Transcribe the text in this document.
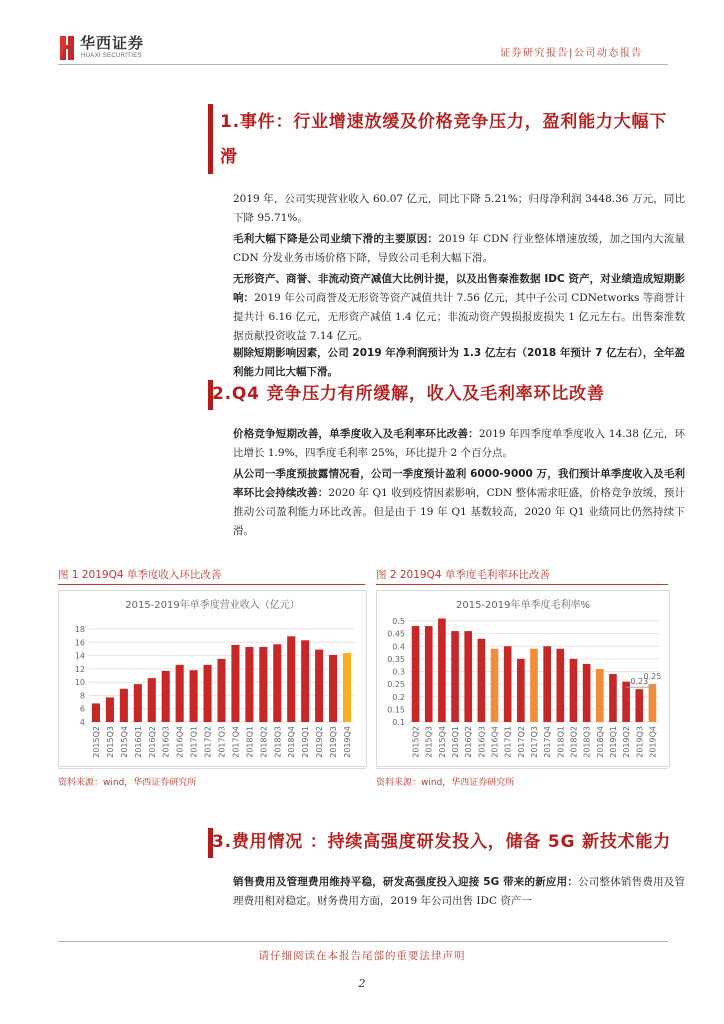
华西证券
HUAXI SECURITIES	证券研究报告|公司动态报告
1.事件：行业增速放缓及价格竞争压力，盈利能力大幅下
滑
2019 年，公司实现营业收入 60.07 亿元，同比下降 5.21%；归母净利润 3448.36 万元，同比下降 95.71%。
毛利大幅下降是公司业绩下滑的主要原因：2019 年 CDN 行业整体增速放缓，加之国内大流量 CDN 分发业务市场价格下降，导致公司毛利大幅下滑。
无形资产、商誉、非流动资产减值大比例计提，以及出售秦淮数据 IDC 资产，对业绩造成短期影响：2019 年公司商誉及无形资等资产减值共计 7.56 亿元，其中子公司 CDNetworks 等商誉计提共计 6.16 亿元，无形资产减值 1.4 亿元；非流动资产毁损报废损失 1 亿元左右。出售秦淮数据贡献投资收益 7.14 亿元。
剔除短期影响因素，公司 2019 年净利润预计为 1.3 亿左右（2018 年预计 7 亿左右），全年盈利能力同比大幅下滑。
2.Q4 竞争压力有所缓解，收入及毛利率环比改善
价格竞争短期改善，单季度收入及毛利率环比改善：2019 年四季度单季度收入 14.38 亿元，环比增长 1.9%，四季度毛利率 25%，环比提升 2 个百分点。
从公司一季度预披露情况看，公司一季度预计盈利 6000-9000 万，我们预计单季度收入及毛利率环比会持续改善：2020 年 Q1 收到疫情因素影响，CDN 整体需求旺盛，价格竞争放缓，预计推动公司盈利能力环比改善。但是由于 19 年 Q1 基数较高，2020 年 Q1 业绩同比仍然持续下滑。
图 1 2019Q4 单季度收入环比改善
2015-2019年单季度营业收入（亿元）
4
6
8
10
12
14
16
18
2015Q2 2015Q3 2015Q4 2016Q1 2016Q2 2016Q3 2016Q4 2017Q1 2017Q2 2017Q3 2017Q4 2018Q1 2018Q2 2018Q3 2018Q4 2019Q1 2019Q2 2019Q3 2019Q4
资料来源：wind，华西证券研究所
图 2 2019Q4 单季度毛利率环比改善
2015-2019年单季度毛利率%
0.1
0.15
0.2
0.25
0.3
0.35
0.4
0.45
0.5
2015Q2 2015Q3 2015Q4 2016Q1 2016Q2 2016Q3 2016Q4 2017Q1 2017Q2 2017Q3 2017Q4 2018Q1 2018Q2 2018Q3 2018Q4 2019Q1 2019Q2 2019Q3 2019Q4
0.23
0.25
资料来源：wind，华西证券研究所
3.费用情况 ：持续高强度研发投入，储备 5G 新技术能力
销售费用及管理费用维持平稳，研发高强度投入迎接 5G 带来的新应用：公司整体销售费用及管理费用相对稳定。财务费用方面，2019 年公司出售 IDC 资产一
请仔细阅读在本报告尾部的重要法律声明
2
